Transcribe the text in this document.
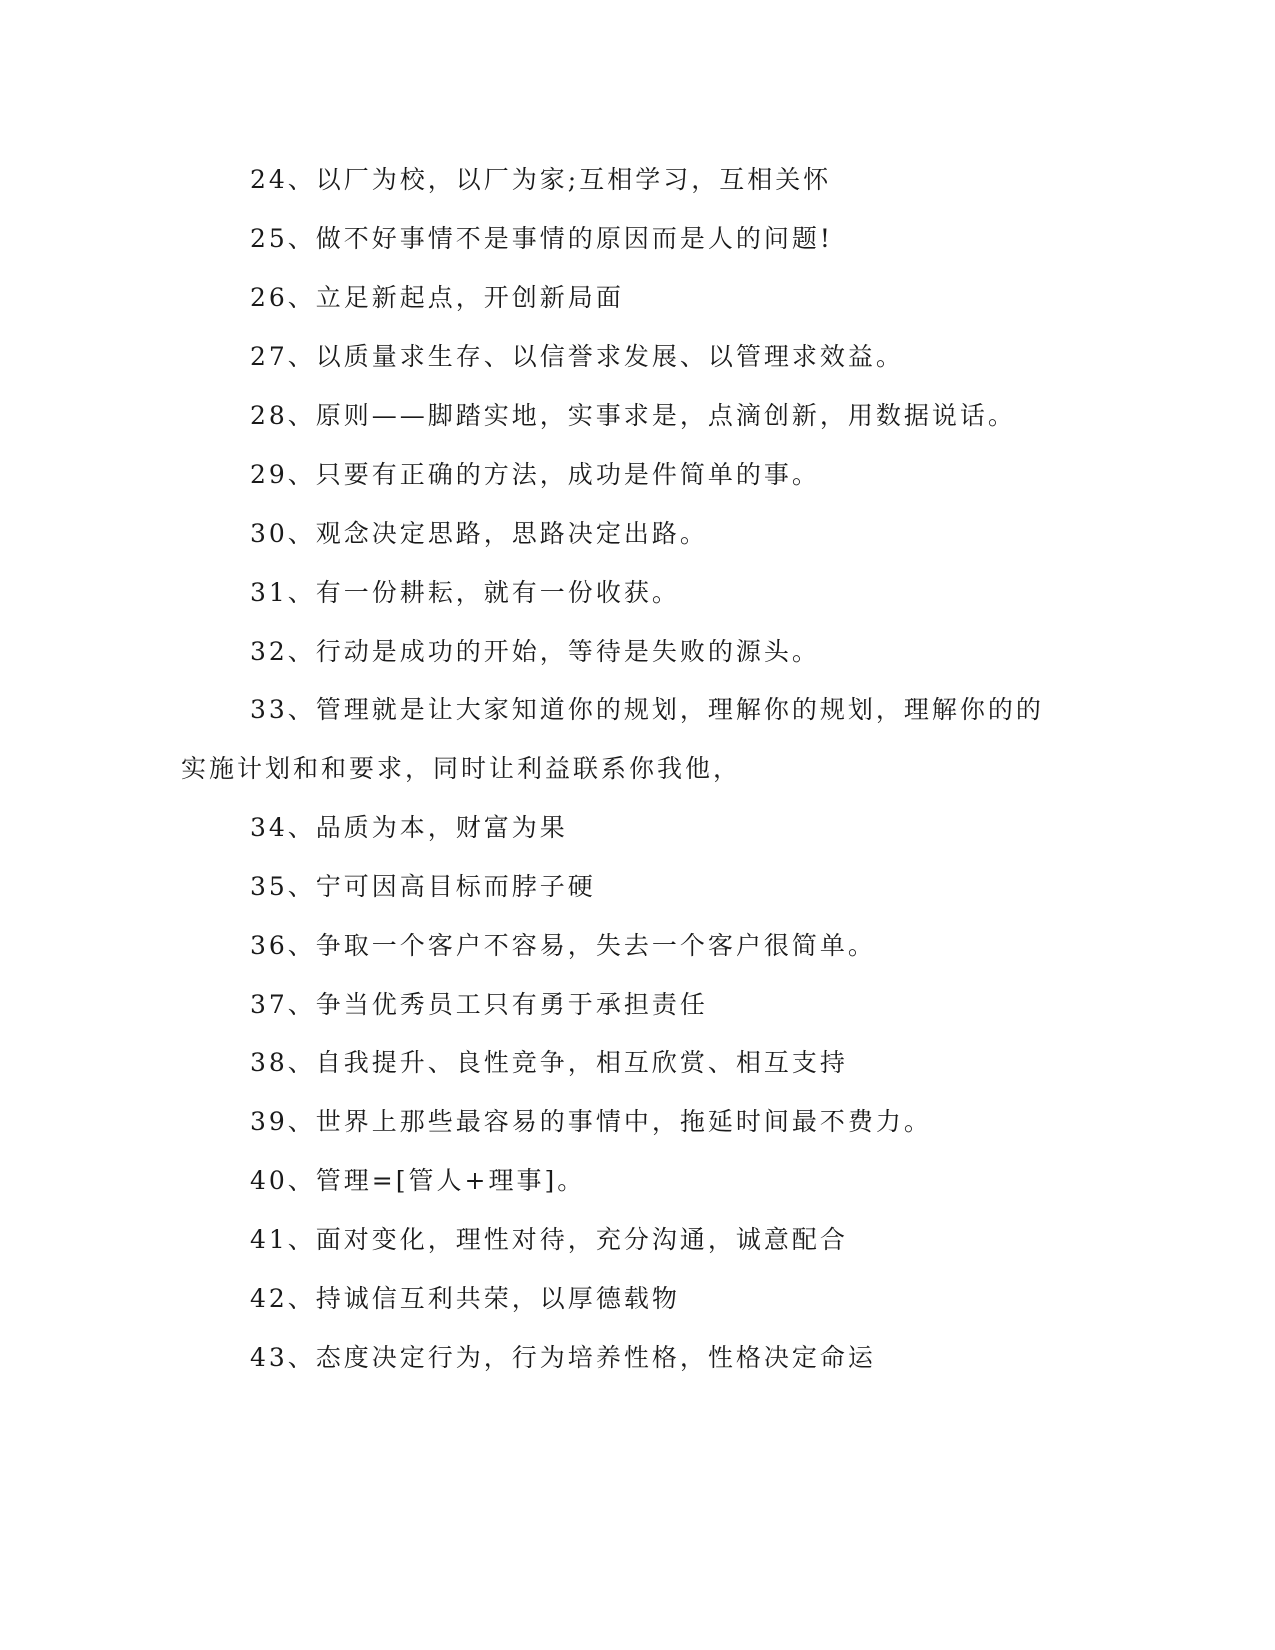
24、以厂为校，以厂为家;互相学习，互相关怀
25、做不好事情不是事情的原因而是人的问题!
26、立足新起点，开创新局面
27、以质量求生存、以信誉求发展、以管理求效益。
28、原则——脚踏实地，实事求是，点滴创新，用数据说话。
29、只要有正确的方法，成功是件简单的事。
30、观念决定思路，思路决定出路。
31、有一份耕耘，就有一份收获。
32、行动是成功的开始，等待是失败的源头。
33、管理就是让大家知道你的规划，理解你的规划，理解你的的
实施计划和和要求，同时让利益联系你我他，
34、品质为本，财富为果
35、宁可因高目标而脖子硬
36、争取一个客户不容易，失去一个客户很简单。
37、争当优秀员工只有勇于承担责任
38、自我提升、良性竞争，相互欣赏、相互支持
39、世界上那些最容易的事情中，拖延时间最不费力。
40、管理=[管人+理事]。
41、面对变化，理性对待，充分沟通，诚意配合
42、持诚信互利共荣，以厚德载物
43、态度决定行为，行为培养性格，性格决定命运
